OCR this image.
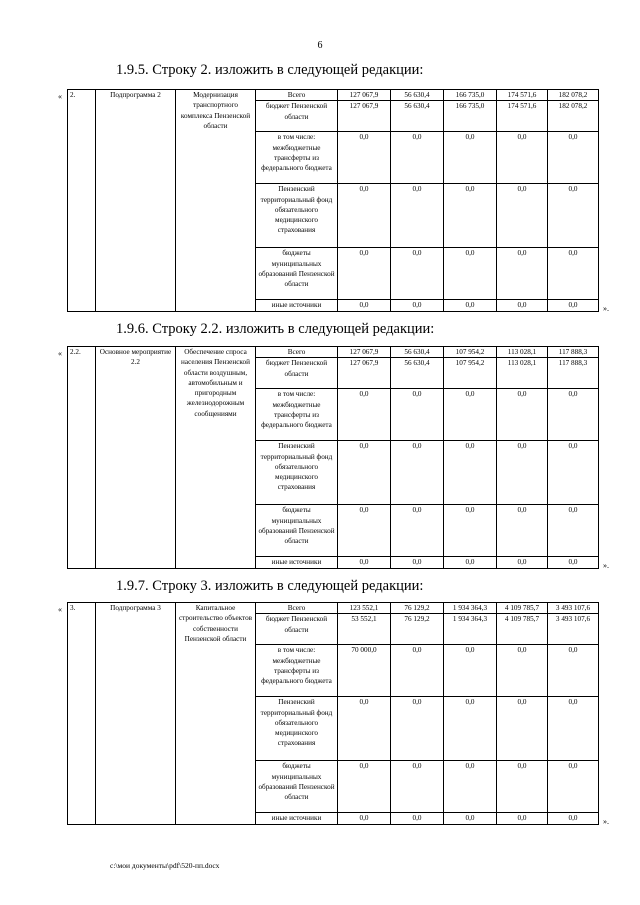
6
1.9.5. Строку 2. изложить в следующей редакции:
« 2.	Подпрограмма 2	Модернизация транспортного комплекса Пензенской области	Всего	127 067,9	56 630,4	166 735,0	174 571,6	182 078,2
			бюджет Пензенской области	127 067,9	56 630,4	166 735,0	174 571,6	182 078,2
			в том числе: межбюджетные трансферты из федерального бюджета	0,0	0,0	0,0	0,0	0,0
			Пензенский территориальный фонд обязательного медицинского страхования	0,0	0,0	0,0	0,0	0,0
			бюджеты муниципальных образований Пензенской области	0,0	0,0	0,0	0,0	0,0
			иные источники	0,0	0,0	0,0	0,0	0,0	».
1.9.6. Строку 2.2. изложить в следующей редакции:
« 2.2.	Основное мероприятие 2.2	Обеспечение спроса населения Пензенской области воздушным, автомобильным и пригородным железнодорожным сообщениями	Всего	127 067,9	56 630,4	107 954,2	113 028,1	117 888,3
			бюджет Пензенской области	127 067,9	56 630,4	107 954,2	113 028,1	117 888,3
			в том числе: межбюджетные трансферты из федерального бюджета	0,0	0,0	0,0	0,0	0,0
			Пензенский территориальный фонд обязательного медицинского страхования	0,0	0,0	0,0	0,0	0,0
			бюджеты муниципальных образований Пензенской области	0,0	0,0	0,0	0,0	0,0
			иные источники	0,0	0,0	0,0	0,0	0,0	».
1.9.7. Строку 3. изложить в следующей редакции:
« 3.	Подпрограмма 3	Капитальное строительство объектов собственности Пензенской области	Всего	123 552,1	76 129,2	1 934 364,3	4 109 785,7	3 493 107,6
			бюджет Пензенской области	53 552,1	76 129,2	1 934 364,3	4 109 785,7	3 493 107,6
			в том числе: межбюджетные трансферты из федерального бюджета	70 000,0	0,0	0,0	0,0	0,0
			Пензенский территориальный фонд обязательного медицинского страхования	0,0	0,0	0,0	0,0	0,0
			бюджеты муниципальных образований Пензенской области	0,0	0,0	0,0	0,0	0,0
			иные источники	0,0	0,0	0,0	0,0	0,0	».
c:\мои документы\pdf\520-пп.docx
